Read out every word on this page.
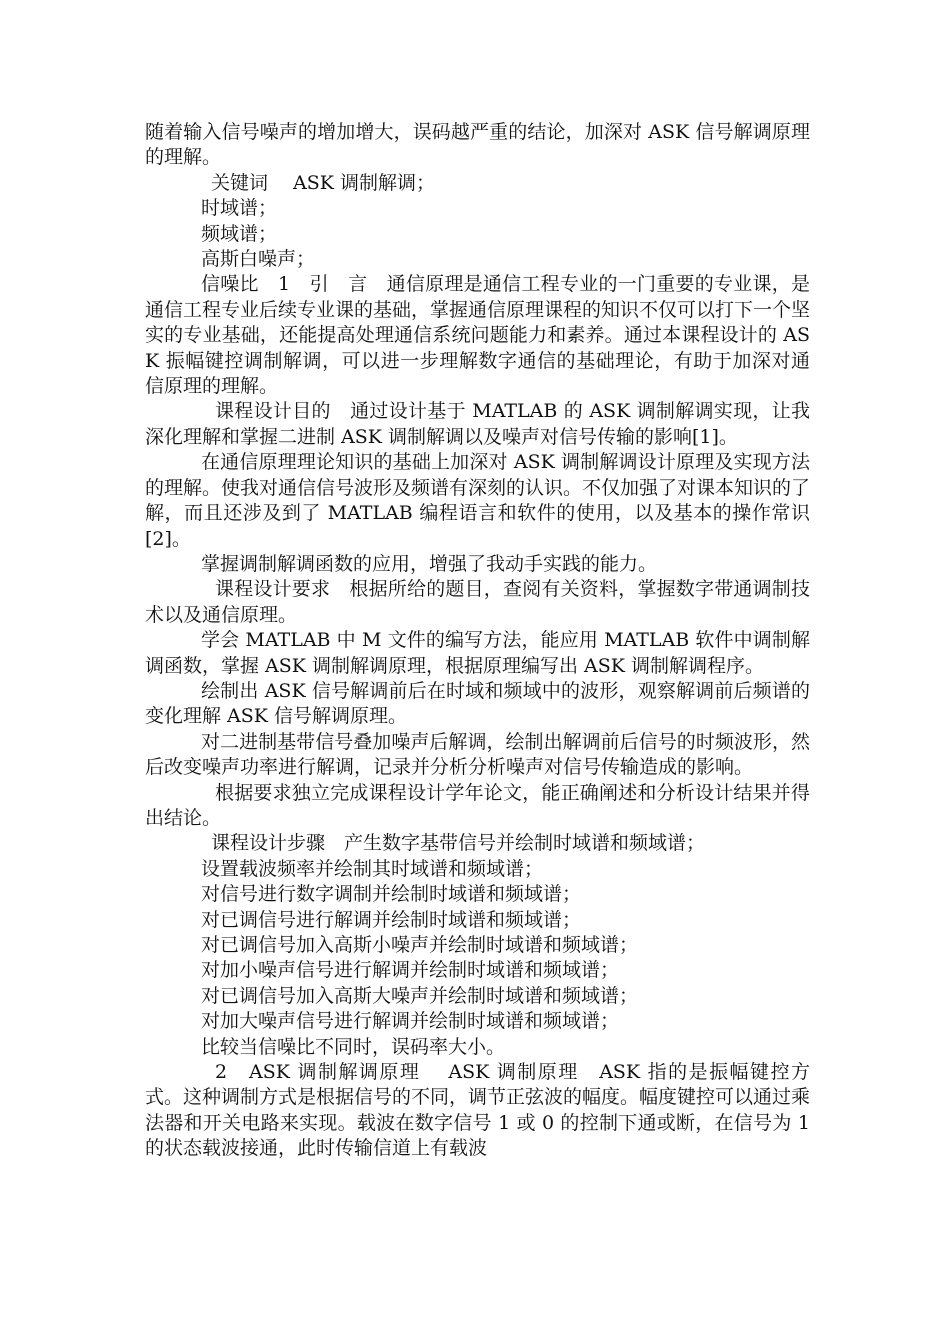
随着输入信号噪声的增加增大，误码越严重的结论，加深对 ASK 信号解调原理的理解。

关键词　 ASK 调制解调；

时域谱；

频域谱；

高斯白噪声；

信噪比　1　引　言　通信原理是通信工程专业的一门重要的专业课，是通信工程专业后续专业课的基础，掌握通信原理课程的知识不仅可以打下一个坚实的专业基础，还能提高处理通信系统问题能力和素养。通过本课程设计的 ASK 振幅键控调制解调，可以进一步理解数字通信的基础理论，有助于加深对通信原理的理解。

课程设计目的　通过设计基于 MATLAB 的 ASK 调制解调实现，让我深化理解和掌握二进制 ASK 调制解调以及噪声对信号传输的影响[1]。

在通信原理理论知识的基础上加深对 ASK 调制解调设计原理及实现方法的理解。使我对通信信号波形及频谱有深刻的认识。不仅加强了对课本知识的了解，而且还涉及到了 MATLAB 编程语言和软件的使用，以及基本的操作常识[2]。

掌握调制解调函数的应用，增强了我动手实践的能力。

课程设计要求　根据所给的题目，查阅有关资料，掌握数字带通调制技术以及通信原理。

学会 MATLAB 中 M 文件的编写方法，能应用 MATLAB 软件中调制解调函数，掌握 ASK 调制解调原理，根据原理编写出 ASK 调制解调程序。

绘制出 ASK 信号解调前后在时域和频域中的波形，观察解调前后频谱的变化理解 ASK 信号解调原理。

对二进制基带信号叠加噪声后解调，绘制出解调前后信号的时频波形，然后改变噪声功率进行解调，记录并分析分析噪声对信号传输造成的影响。

根据要求独立完成课程设计学年论文，能正确阐述和分析设计结果并得出结论。

课程设计步骤　产生数字基带信号并绘制时域谱和频域谱；

设置载波频率并绘制其时域谱和频域谱；

对信号进行数字调制并绘制时域谱和频域谱；

对已调信号进行解调并绘制时域谱和频域谱；

对已调信号加入高斯小噪声并绘制时域谱和频域谱；

对加小噪声信号进行解调并绘制时域谱和频域谱；

对已调信号加入高斯大噪声并绘制时域谱和频域谱；

对加大噪声信号进行解调并绘制时域谱和频域谱；

比较当信噪比不同时，误码率大小。

2　ASK 调制解调原理　 ASK 调制原理　ASK 指的是振幅键控方式。这种调制方式是根据信号的不同，调节正弦波的幅度。幅度键控可以通过乘法器和开关电路来实现。载波在数字信号 1 或 0 的控制下通或断，在信号为 1 的状态载波接通，此时传输信道上有载波
